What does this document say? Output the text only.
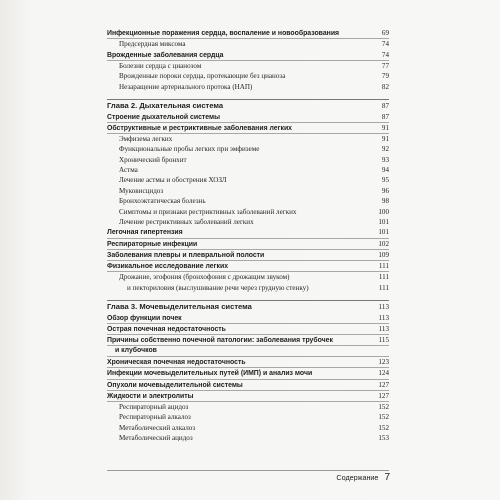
Инфекционные поражения сердца, воспаление и новообразования	69
Предсердная миксома	74
Врожденные заболевания сердца	74
Болезни сердца с цианозом	77
Врожденные пороки сердца, протекающие без цианоза	79
Незаращение артериального протока (НАП)	82
Глава 2. Дыхательная система	87
Строение дыхательной системы	87
Обструктивные и рестриктивные заболевания легких	91
Эмфизема легких	91
Функциональные пробы легких при эмфиземе	92
Хронический бронхит	93
Астма	94
Лечение астмы и обострения ХОЗЛ	95
Муковисцидоз	96
Бронхоэктатическая болезнь	98
Симптомы и признаки рестриктивных заболеваний легких	100
Лечение рестриктивных заболеваний легких	101
Легочная гипертензия	101
Респираторные инфекции	102
Заболевания плевры и плевральной полости	109
Физикальное исследование легких	111
Дрожание, эгофония (бронхофония с дрожащим звуком)	111
и пекториловия (выслушивание речи через грудную стенку)	111
Глава 3. Мочевыделительная система	113
Обзор функции почек	113
Острая почечная недостаточность	113
Причины собственно почечной патологии: заболевания трубочек	115
и клубочков
Хроническая почечная недостаточность	123
Инфекции мочевыделительных путей (ИМП) и анализ мочи	124
Опухоли мочевыделительной системы	127
Жидкости и электролиты	127
Респираторный ацидоз	152
Респираторный алкалоз	152
Метаболический алкалоз	152
Метаболический ацидоз	153
Содержание 7
